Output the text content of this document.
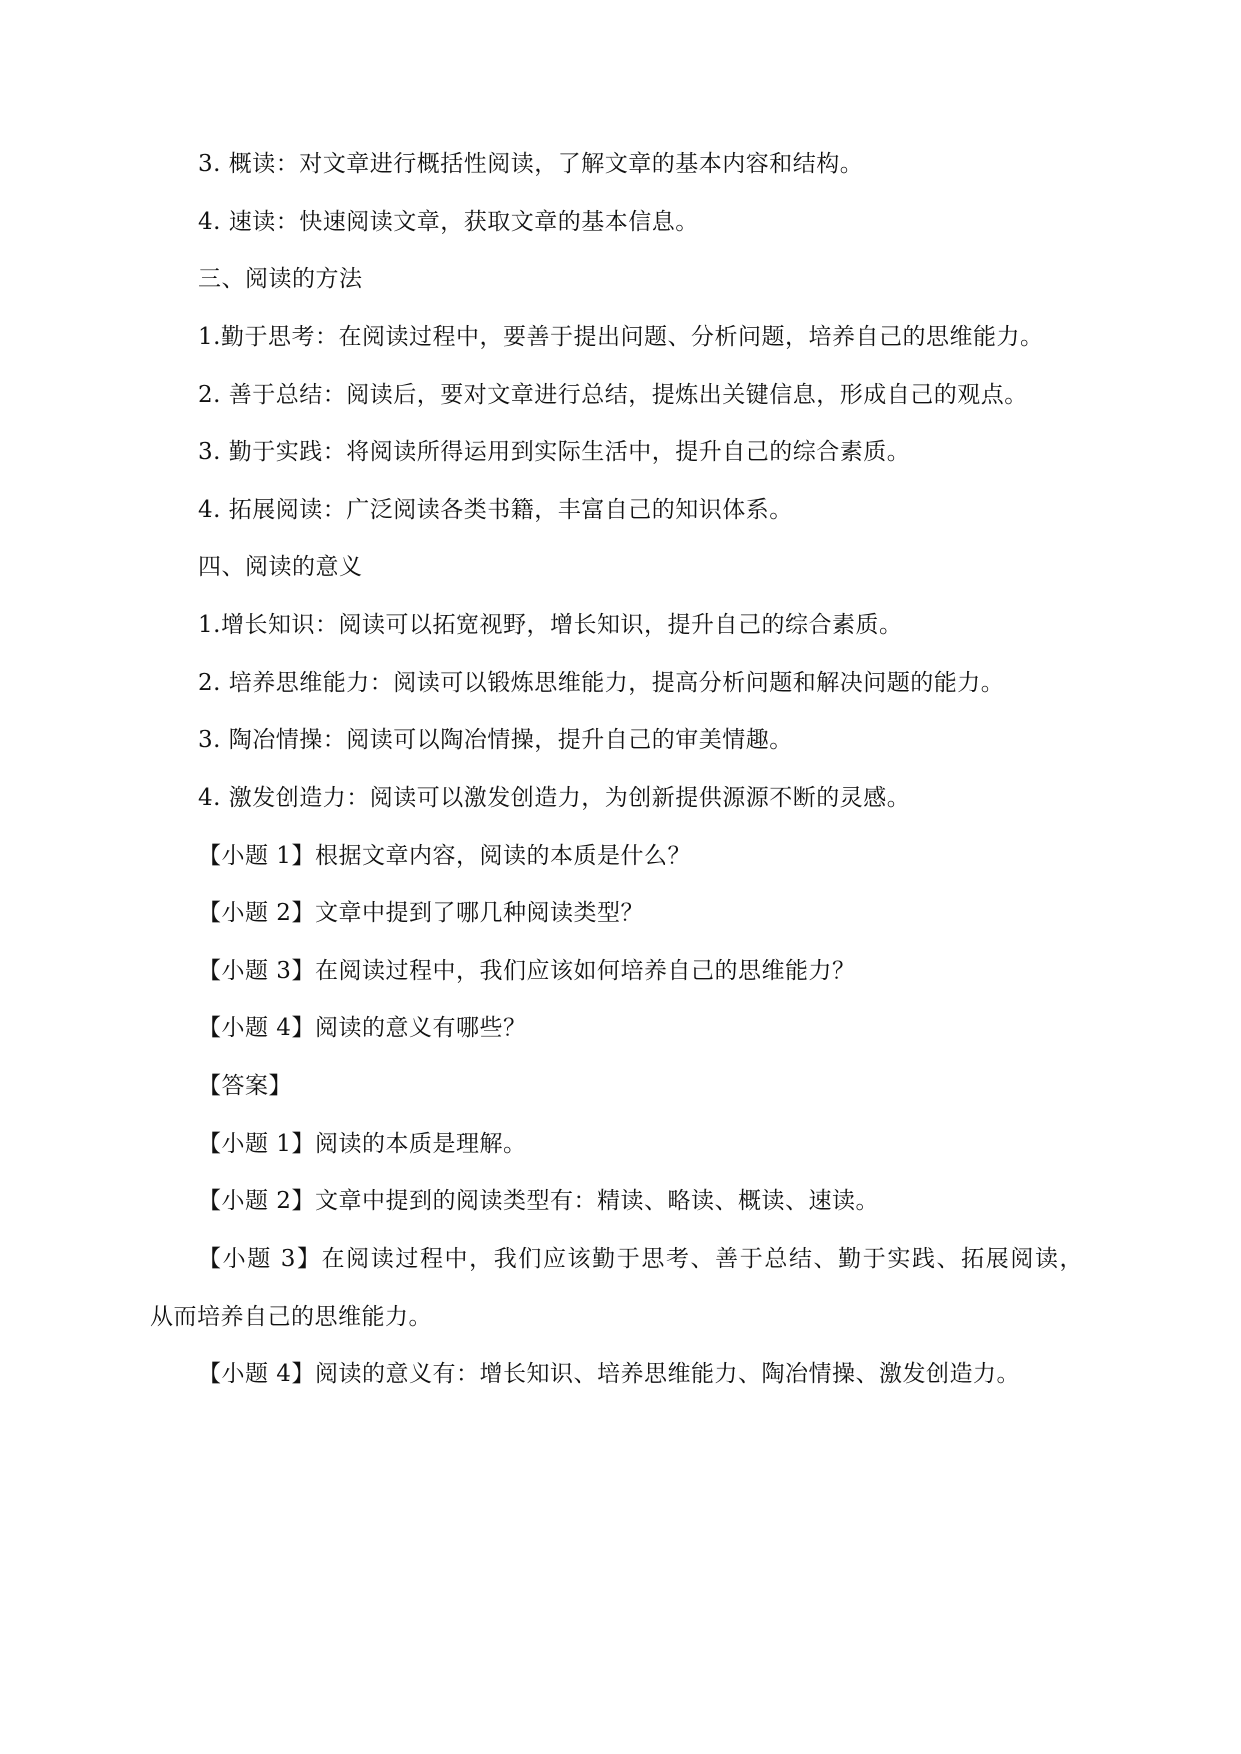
3. 概读：对文章进行概括性阅读，了解文章的基本内容和结构。
4. 速读：快速阅读文章，获取文章的基本信息。
三、阅读的方法
1.勤于思考：在阅读过程中，要善于提出问题、分析问题，培养自己的思维能力。
2. 善于总结：阅读后，要对文章进行总结，提炼出关键信息，形成自己的观点。
3. 勤于实践：将阅读所得运用到实际生活中，提升自己的综合素质。
4. 拓展阅读：广泛阅读各类书籍，丰富自己的知识体系。
四、阅读的意义
1.增长知识：阅读可以拓宽视野，增长知识，提升自己的综合素质。
2. 培养思维能力：阅读可以锻炼思维能力，提高分析问题和解决问题的能力。
3. 陶冶情操：阅读可以陶冶情操，提升自己的审美情趣。
4. 激发创造力：阅读可以激发创造力，为创新提供源源不断的灵感。
【小题 1】根据文章内容，阅读的本质是什么？
【小题 2】文章中提到了哪几种阅读类型？
【小题 3】在阅读过程中，我们应该如何培养自己的思维能力？
【小题 4】阅读的意义有哪些？
【答案】
【小题 1】阅读的本质是理解。
【小题 2】文章中提到的阅读类型有：精读、略读、概读、速读。
【小题 3】在阅读过程中，我们应该勤于思考、善于总结、勤于实践、拓展阅读，
从而培养自己的思维能力。
【小题 4】阅读的意义有：增长知识、培养思维能力、陶冶情操、激发创造力。
